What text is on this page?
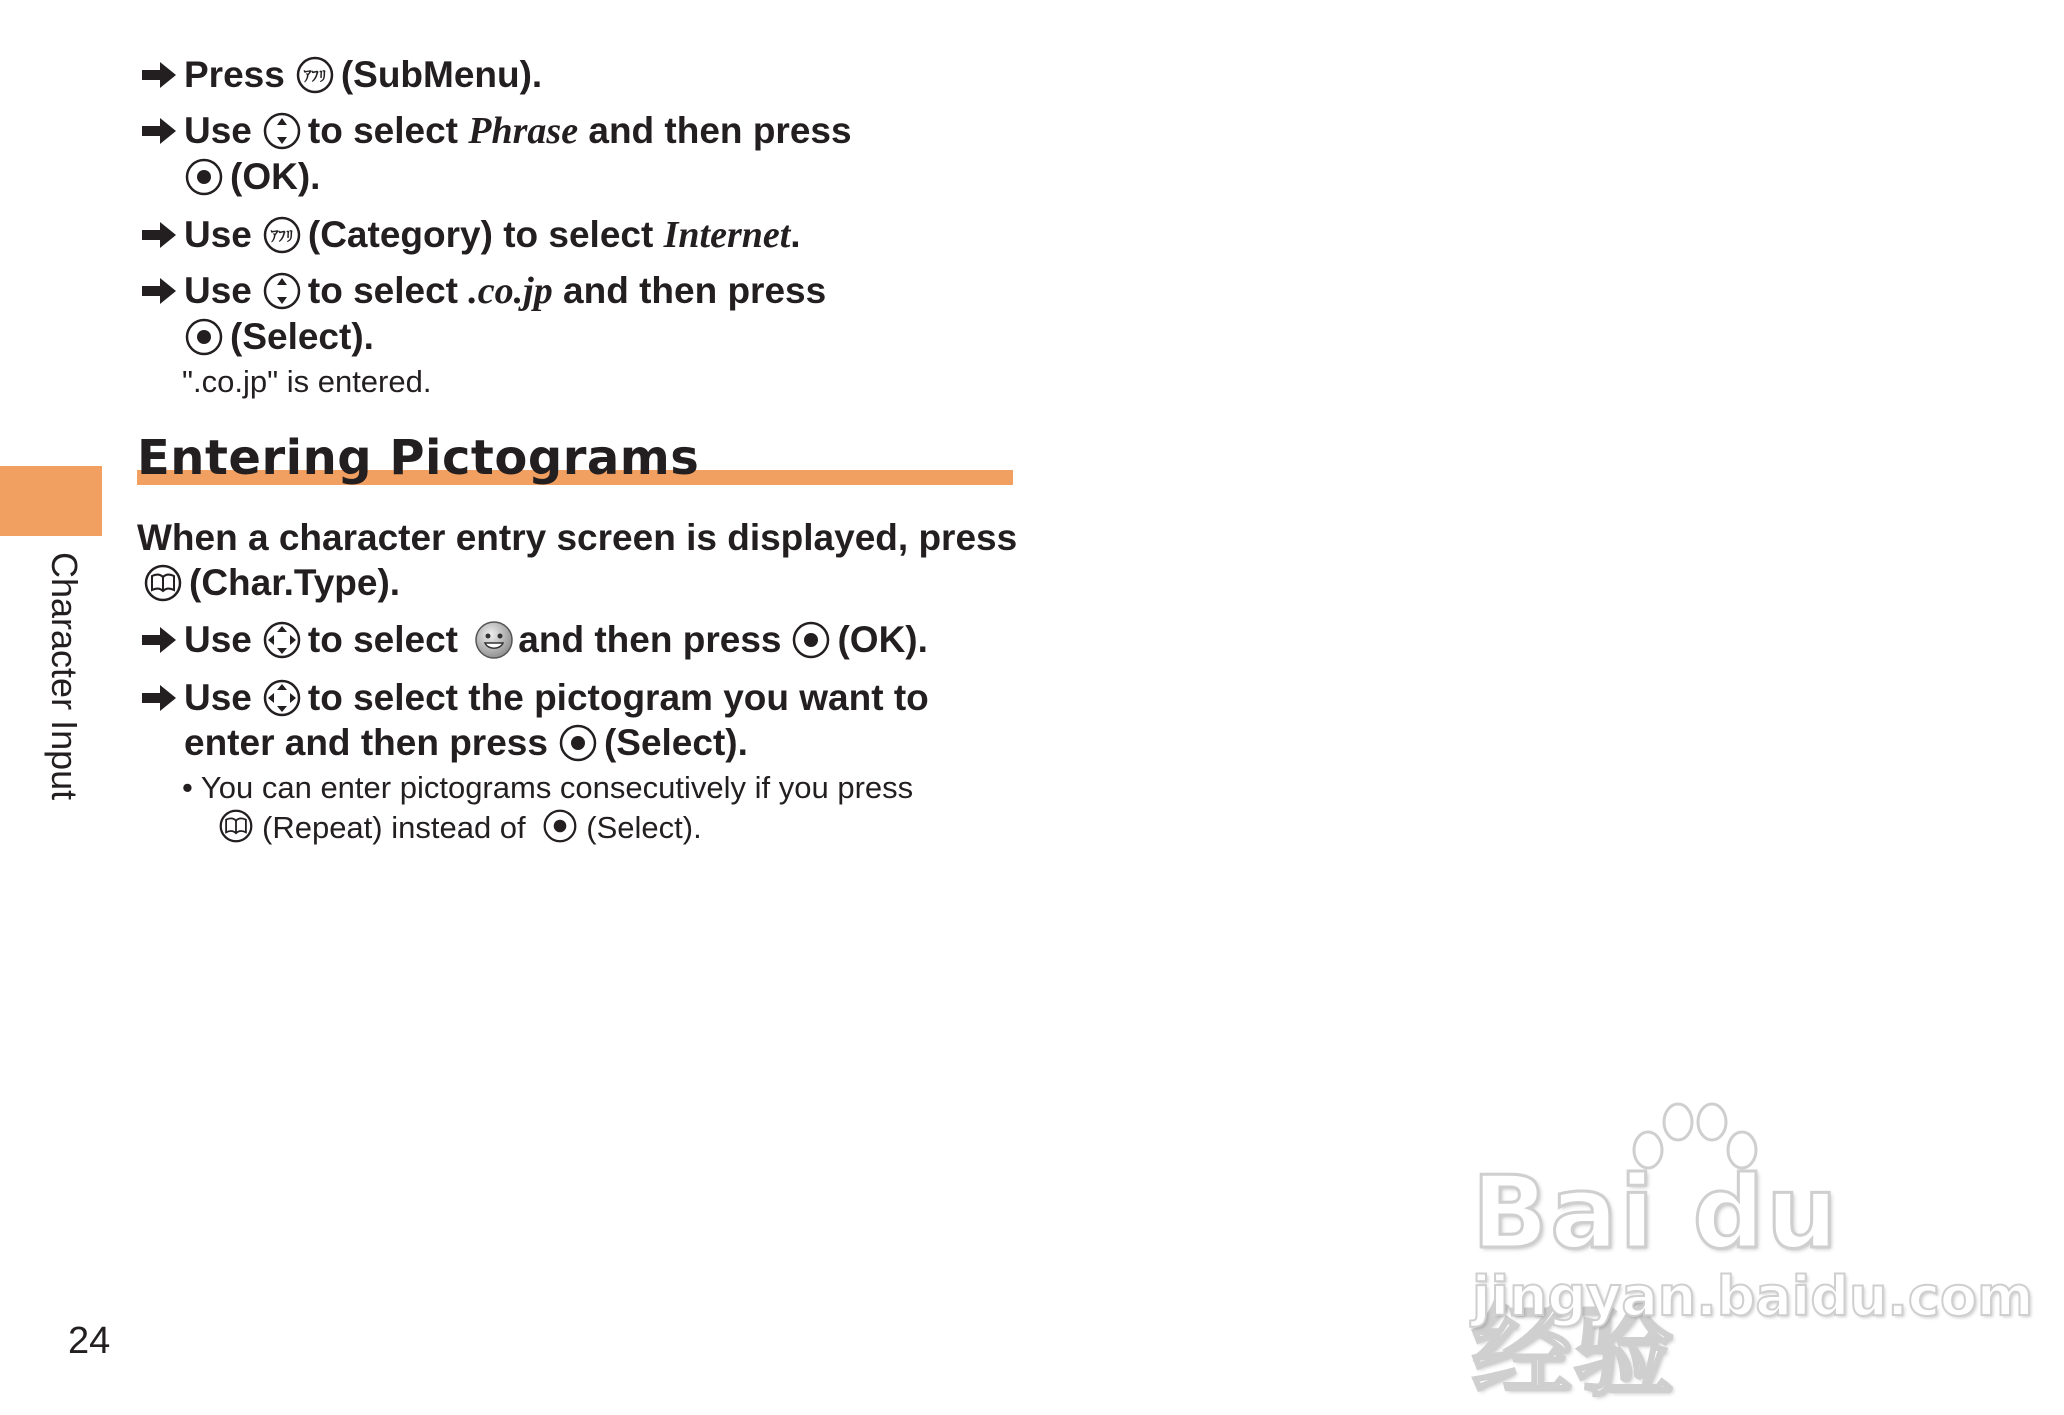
Character Input
Press ｱﾌﾘ (SubMenu).
Use to select Phrase and then press
(OK).
Use ｱﾌﾘ (Category) to select Internet.
Use to select .co.jp and then press
(Select).
".co.jp" is entered.
Entering Pictograms
When a character entry screen is displayed, press
(Char.Type).
Use to select and then press (OK).
Use to select the pictogram you want to
enter and then press (Select).
• You can enter pictograms consecutively if you press
(Repeat) instead of (Select).
24
Bai du 经验
jingyan.baidu.com
